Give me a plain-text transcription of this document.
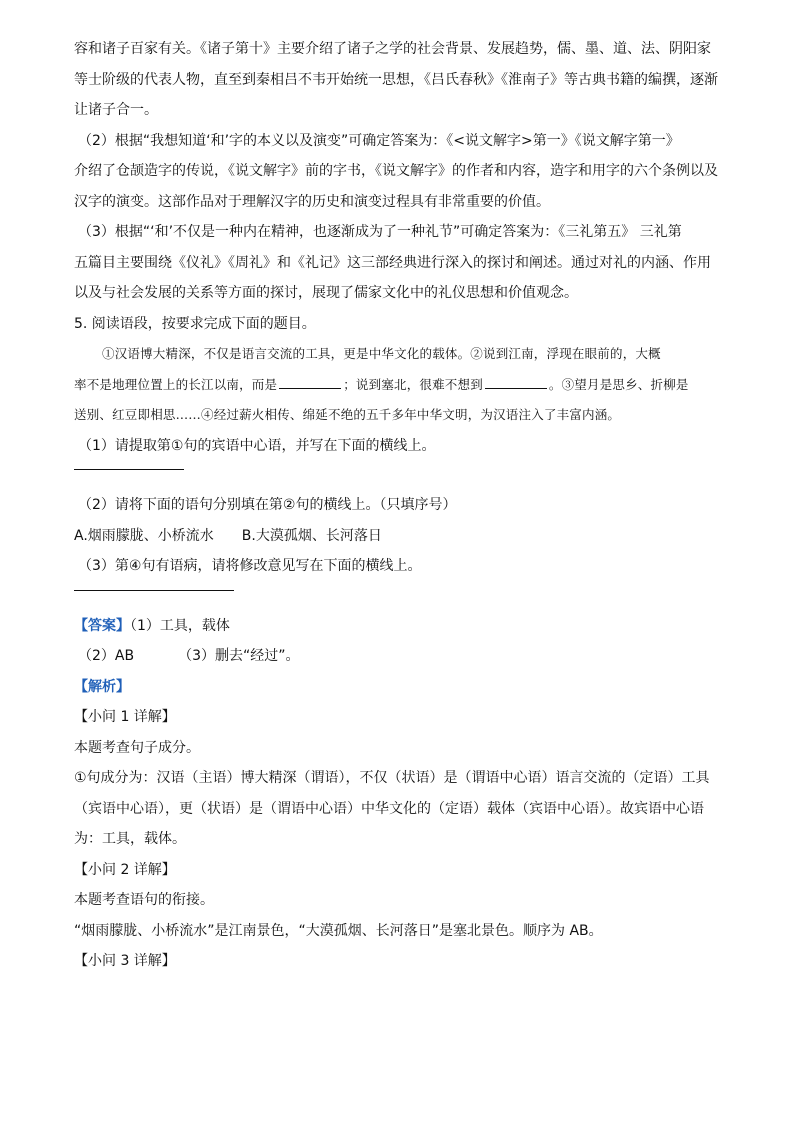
容和诸子百家有关。《诸子第十》主要介绍了诸子之学的社会背景、发展趋势，儒、墨、道、法、阴阳家
等士阶级的代表人物，直至到秦相吕不韦开始统一思想，《吕氏春秋》《淮南子》等古典书籍的编撰，逐渐
让诸子合一。
（2）根据“我想知道‘和’字的本义以及演变”可确定答案为：《<说文解字>第一》《说文解字第一》
介绍了仓颉造字的传说，《说文解字》前的字书，《说文解字》的作者和内容，造字和用字的六个条例以及
汉字的演变。这部作品对于理解汉字的历史和演变过程具有非常重要的价值。
（3）根据“‘和’不仅是一种内在精神，也逐渐成为了一种礼节”可确定答案为：《三礼第五》 三礼第
五篇目主要围绕《仪礼》《周礼》和《礼记》这三部经典进行深入的探讨和阐述。通过对礼的内涵、作用
以及与社会发展的关系等方面的探讨，展现了儒家文化中的礼仪思想和价值观念。
5. 阅读语段，按要求完成下面的题目。
①汉语博大精深，不仅是语言交流的工具，更是中华文化的载体。②说到江南，浮现在眼前的，大概
率不是地理位置上的长江以南，而是	；说到塞北，很难不想到	。③望月是思乡、折柳是
送别、红豆即相思……④经过薪火相传、绵延不绝的五千多年中华文明，为汉语注入了丰富内涵。
（1）请提取第①句的宾语中心语，并写在下面的横线上。
（2）请将下面的语句分别填在第②句的横线上。（只填序号）
A.烟雨朦胧、小桥流水 B.大漠孤烟、长河落日
（3）第④句有语病，请将修改意见写在下面的横线上。
【答案】（1）工具，载体
（2）AB	（3）删去“经过”。
【解析】
【小问 1 详解】
本题考查句子成分。
①句成分为：汉语（主语）博大精深（谓语），不仅（状语）是（谓语中心语）语言交流的（定语）工具
（宾语中心语），更（状语）是（谓语中心语）中华文化的（定语）载体（宾语中心语）。故宾语中心语
为：工具，载体。
【小问 2 详解】
本题考查语句的衔接。
“烟雨朦胧、小桥流水”是江南景色，“大漠孤烟、长河落日”是塞北景色。顺序为 AB。
【小问 3 详解】
